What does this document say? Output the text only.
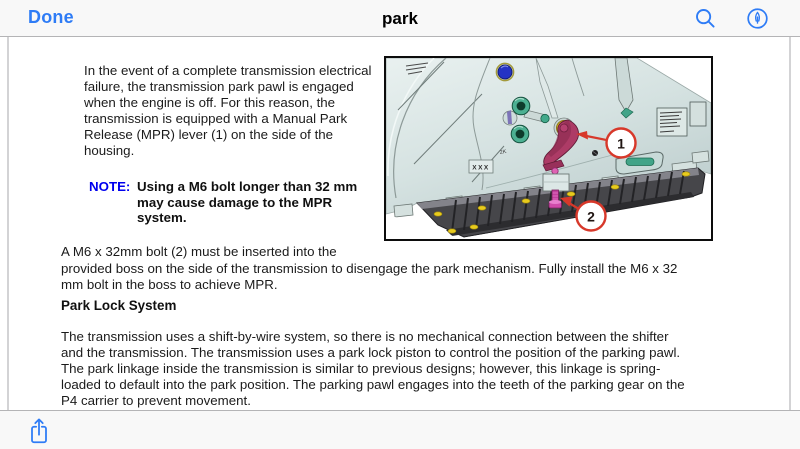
Done	park
In the event of a complete transmission electrical
failure, the transmission park pawl is engaged
when the engine is off. For this reason, the
transmission is equipped with a Manual Park
Release (MPR) lever (1) on the side of the
housing.
NOTE: Using a M6 bolt longer than 32 mm
may cause damage to the MPR
system.
XXX
2K
1
2
A M6 x 32mm bolt (2) must be inserted into the
provided boss on the side of the transmission to disengage the park mechanism. Fully install the M6 x 32
mm bolt in the boss to achieve MPR.
Park Lock System
The transmission uses a shift-by-wire system, so there is no mechanical connection between the shifter
and the transmission. The transmission uses a park lock piston to control the position of the parking pawl.
The park linkage inside the transmission is similar to previous designs; however, this linkage is spring-
loaded to default into the park position. The parking pawl engages into the teeth of the parking gear on the
P4 carrier to prevent movement.
